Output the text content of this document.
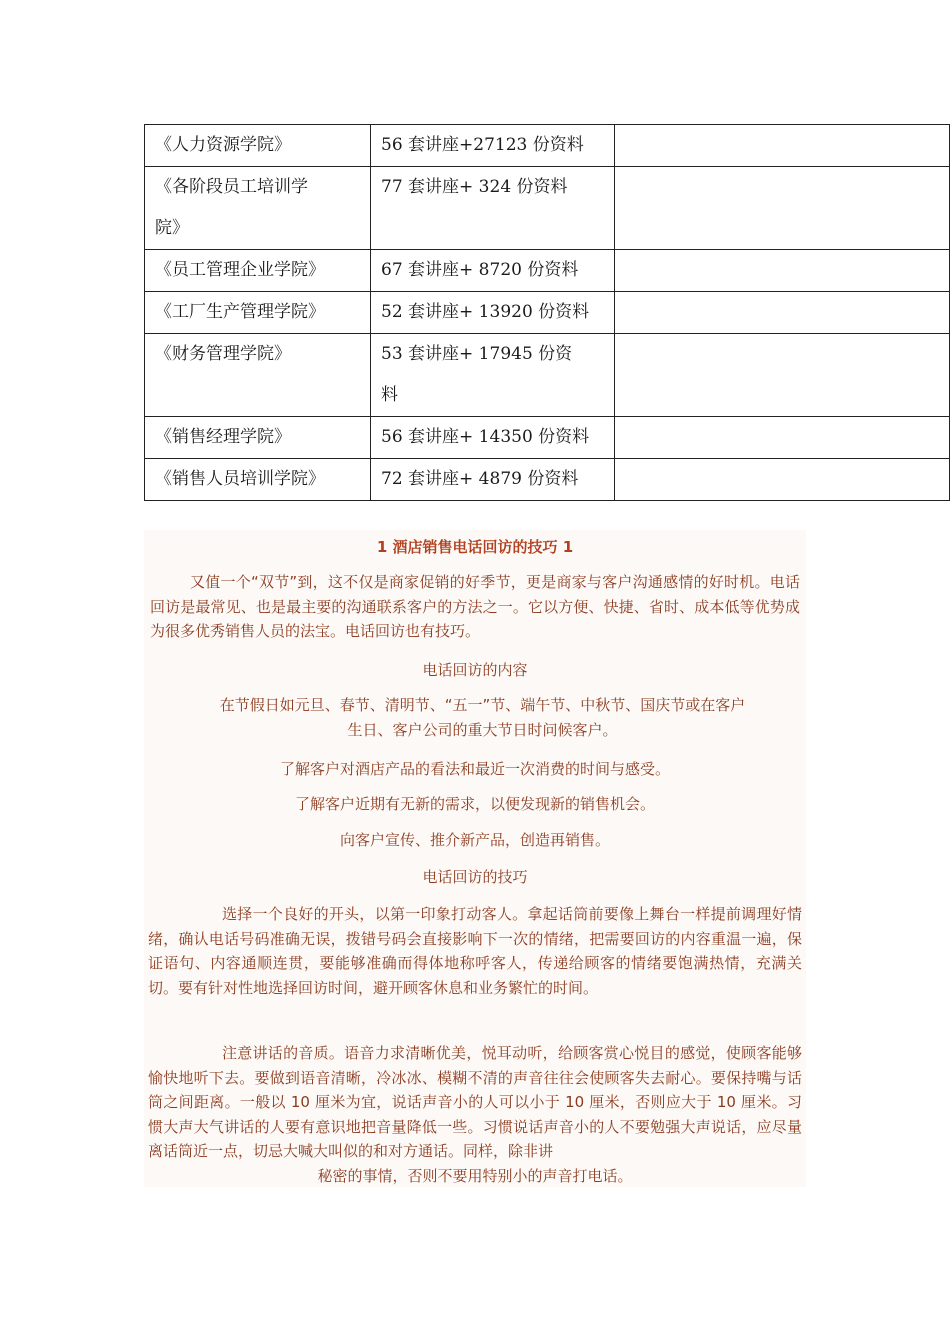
《人力资源学院》	56 套讲座+27123 份资料	
《各阶段员工培训学院》	77 套讲座+ 324 份资料	
《员工管理企业学院》	67 套讲座+ 8720 份资料	
《工厂生产管理学院》	52 套讲座+ 13920 份资料	
《财务管理学院》	53 套讲座+ 17945 份资料	
《销售经理学院》	56 套讲座+ 14350 份资料	
《销售人员培训学院》	72 套讲座+ 4879 份资料	

1 酒店销售电话回访的技巧 1

又值一个“双节”到，这不仅是商家促销的好季节，更是商家与客户沟通感情的好时机。电话回访是最常见、也是最主要的沟通联系客户的方法之一。它以方便、快捷、省时、成本低等优势成为很多优秀销售人员的法宝。电话回访也有技巧。

电话回访的内容

在节假日如元旦、春节、清明节、“五一”节、端午节、中秋节、国庆节或在客户生日、客户公司的重大节日时问候客户。

了解客户对酒店产品的看法和最近一次消费的时间与感受。

了解客户近期有无新的需求，以便发现新的销售机会。

向客户宣传、推介新产品，创造再销售。

电话回访的技巧

选择一个良好的开头，以第一印象打动客人。拿起话筒前要像上舞台一样提前调理好情绪，确认电话号码准确无误，拨错号码会直接影响下一次的情绪，把需要回访的内容重温一遍，保证语句、内容通顺连贯，要能够准确而得体地称呼客人，传递给顾客的情绪要饱满热情，充满关切。要有针对性地选择回访时间，避开顾客休息和业务繁忙的时间。

注意讲话的音质。语音力求清晰优美，悦耳动听，给顾客赏心悦目的感觉，使顾客能够愉快地听下去。要做到语音清晰，冷冰冰、模糊不清的声音往往会使顾客失去耐心。要保持嘴与话筒之间距离。一般以 10 厘米为宜，说话声音小的人可以小于 10 厘米，否则应大于 10 厘米。习惯大声大气讲话的人要有意识地把音量降低一些。习惯说话声音小的人不要勉强大声说话，应尽量离话筒近一点，切忌大喊大叫似的和对方通话。同样，除非讲
秘密的事情，否则不要用特别小的声音打电话。
